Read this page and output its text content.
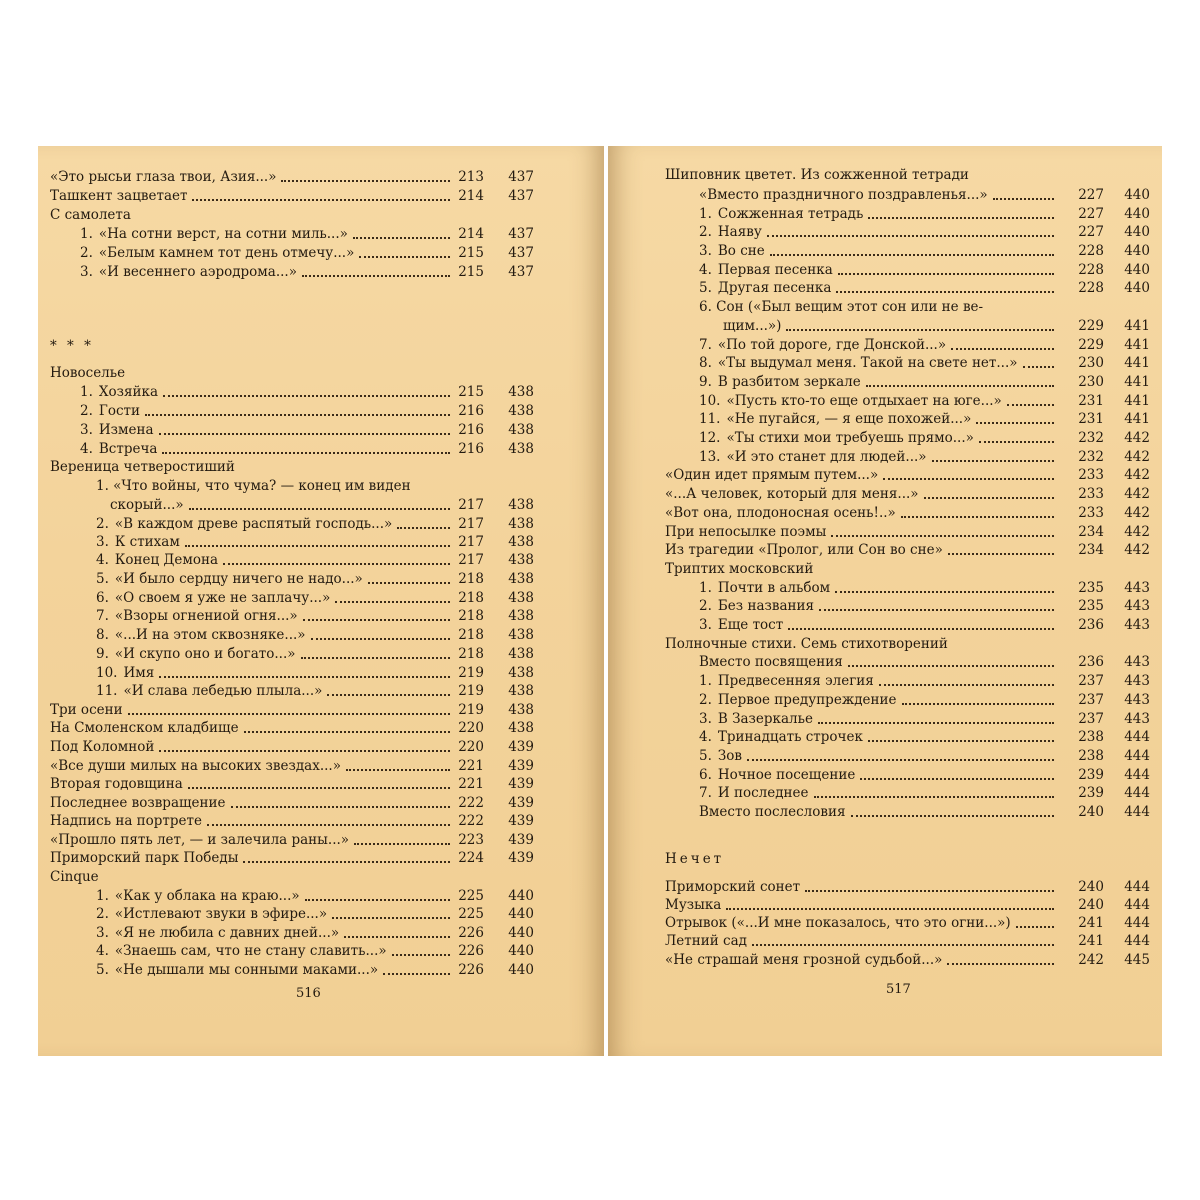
«Это рысьи глаза твои, Азия...»	213	437
Ташкент зацветает	214	437
С самолета
1. «На сотни верст, на сотни миль...»	214	437
2. «Белым камнем тот день отмечу...»	215	437
3. «И весеннего аэродрома...»	215	437
Новоселье
1. Хозяйка	215	438
2. Гости	216	438
3. Измена	216	438
4. Встреча	216	438
Вереница четверостиший
1. «Что войны, что чума? — конец им виден
скорый...»	217	438
2. «В каждом древе распятый господь...»	217	438
3. К стихам	217	438
4. Конец Демона	217	438
5. «И было сердцу ничего не надо...»	218	438
6. «О своем я уже не заплачу...»	218	438
7. «Взоры огнениой огня...»	218	438
8. «...И на этом сквозняке...»	218	438
9. «И скупо оно и богато...»	218	438
10. Имя	219	438
11. «И слава лебедью плыла...»	219	438
Три осени	219	438
На Смоленском кладбище	220	438
Под Коломной	220	439
«Все души милых на высоких звездах...»	221	439
Вторая годовщина	221	439
Последнее возвращение	222	439
Надпись на портрете	222	439
«Прошло пять лет, — и залечила раны...»	223	439
Приморский парк Победы	224	439
Cinque
1. «Как у облака на краю...»	225	440
2. «Истлевают звуки в эфире...»	225	440
3. «Я не любила с давних дней...»	226	440
4. «Знаешь сам, что не стану славить...»	226	440
5. «Не дышали мы сонными маками...»	226	440
* * *
516
Шиповник цветет. Из сожженной тетради
«Вместо праздничного поздравленья...»	227	440
1. Сожженная тетрадь	227	440
2. Наяву	227	440
3. Во сне	228	440
4. Первая песенка	228	440
5. Другая песенка	228	440
6. Сон («Был вещим этот сон или не ве-
щим...»)	229	441
7. «По той дороге, где Донской...»	229	441
8. «Ты выдумал меня. Такой на свете нет...»	230	441
9. В разбитом зеркале	230	441
10. «Пусть кто-то еще отдыхает на юге...»	231	441
11. «Не пугайся, — я еще похожей...»	231	441
12. «Ты стихи мои требуешь прямо...»	232	442
13. «И это станет для людей...»	232	442
«Один идет прямым путем...»	233	442
«...А человек, который для меня...»	233	442
«Вот она, плодоносная осень!..»	233	442
При непосылке поэмы	234	442
Из трагедии «Пролог, или Сон во сне»	234	442
Триптих московский
1. Почти в альбом	235	443
2. Без названия	235	443
3. Еще тост	236	443
Полночные стихи. Семь стихотворений
Вместо посвящения	236	443
1. Предвесенняя элегия	237	443
2. Первое предупреждение	237	443
3. В Зазеркалье	237	443
4. Тринадцать строчек	238	444
5. Зов	238	444
6. Ночное посещение	239	444
7. И последнее	239	444
Вместо послесловия	240	444
Приморский сонет	240	444
Музыка	240	444
Отрывок («...И мне показалось, что это огни...»)	241	444
Летний сад	241	444
«Не страшай меня грозной судьбой...»	242	445
Нечет
517
